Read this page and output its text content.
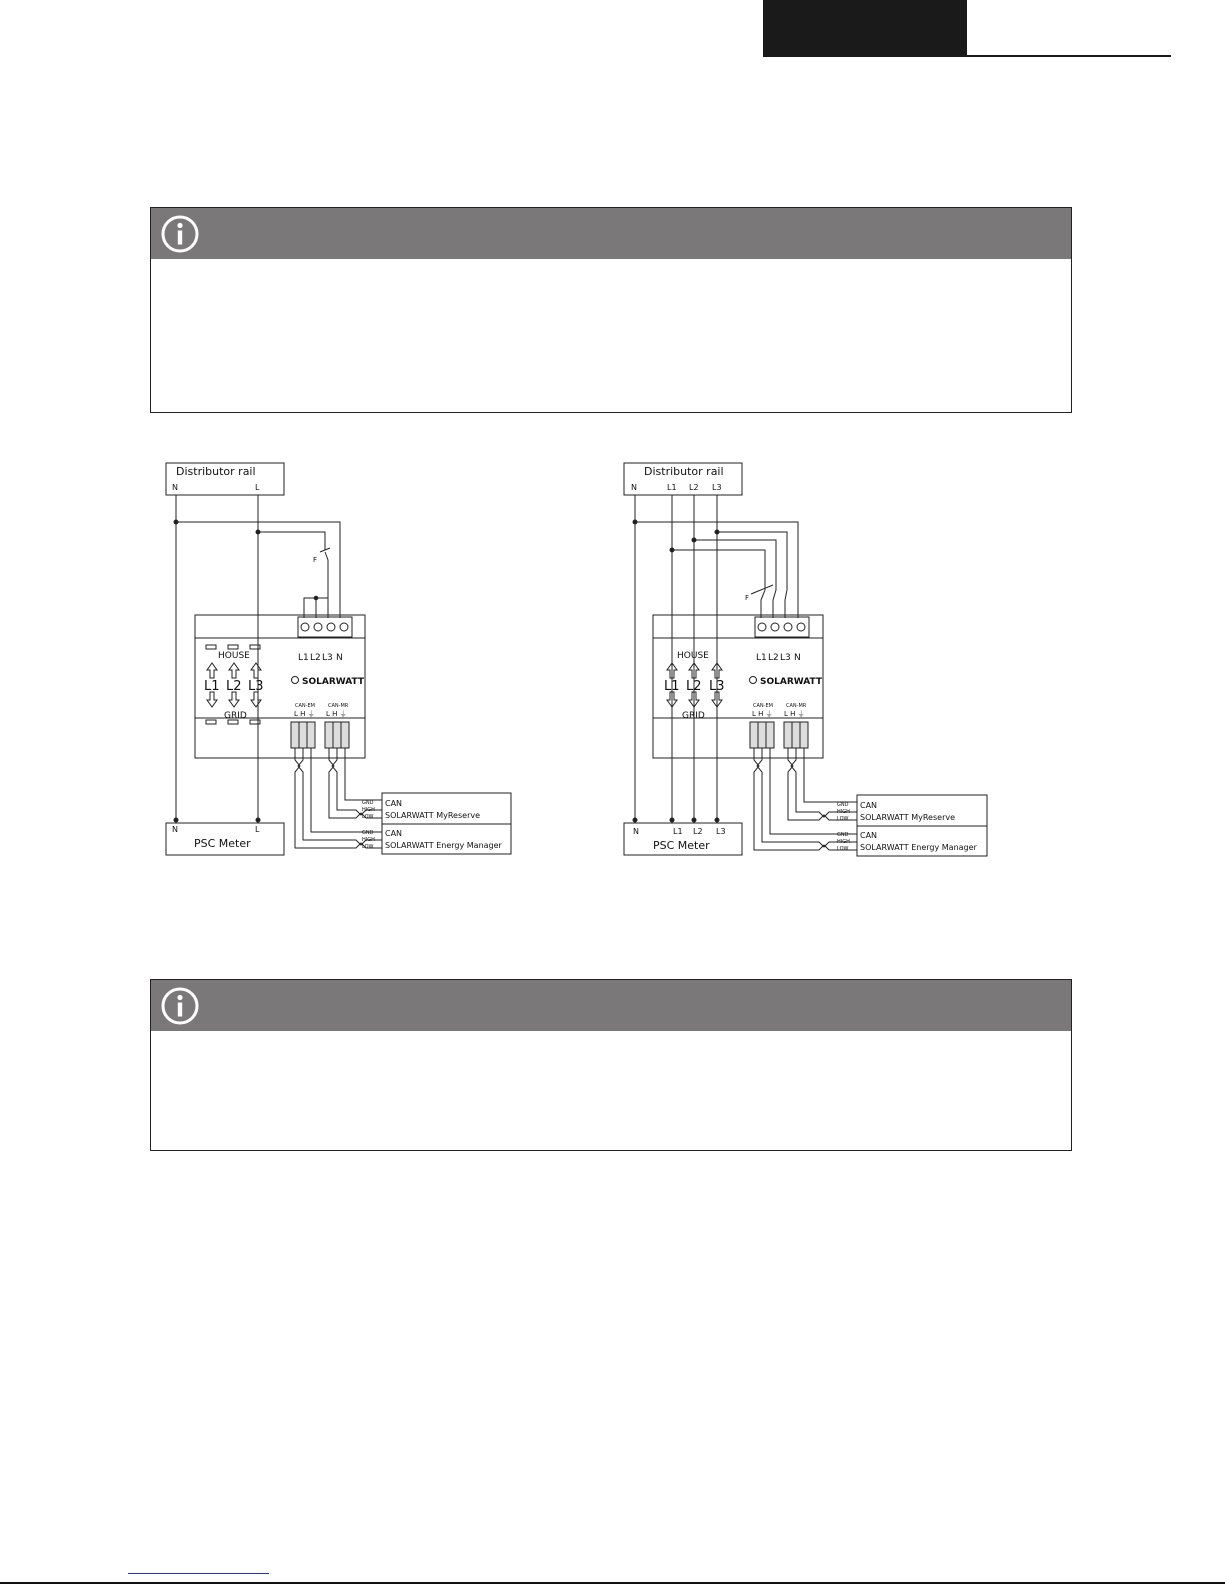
Distributor rail
N	L
F
L1 L2 L3 N
HOUSE
GRID
L1 L2 L3	SOLARWATT
CAN-EM	CAN-MR
L H ⏚ L H ⏚
GND
HIGH
LOW
GND
HIGH
LOW
CAN
SOLARWATT MyReserve
CAN
SOLARWATT Energy Manager
N	L
PSC Meter
Distributor rail
N	L1 L2 L3
F
L1 L2 L3 N
HOUSE
GRID
L1 L2 L3	SOLARWATT
CAN-EM	CAN-MR
L H ⏚ L H ⏚
GND
HIGH
LOW
GND
HIGH
LOW
CAN
SOLARWATT MyReserve
CAN
SOLARWATT Energy Manager
N	L1 L2 L3
PSC Meter
